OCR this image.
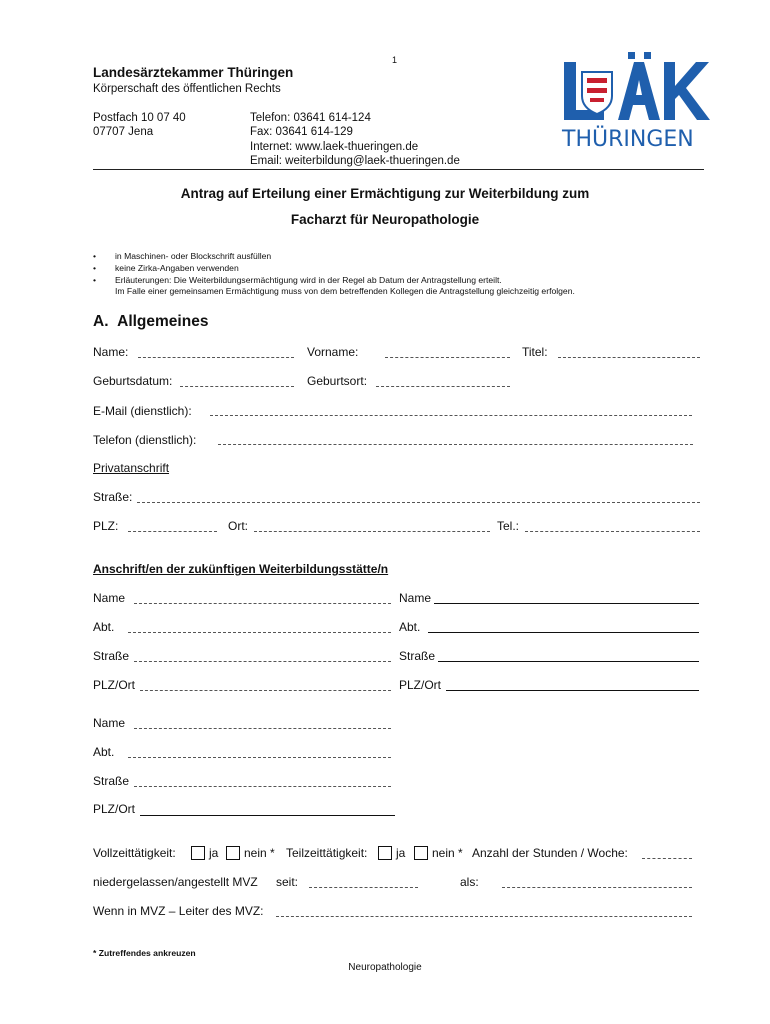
1
Landesärztekammer Thüringen
Körperschaft des öffentlichen Rechts
Postfach 10 07 40
07707 Jena
Telefon: 03641 614-124
Fax: 03641 614-129
Internet: www.laek-thueringen.de
Email: weiterbildung@laek-thueringen.de
THÜRINGEN
Antrag auf Erteilung einer Ermächtigung zur Weiterbildung zum
Facharzt für Neuropathologie
•	in Maschinen- oder Blockschrift ausfüllen
•	keine Zirka-Angaben verwenden
•	Erläuterungen: Die Weiterbildungsermächtigung wird in der Regel ab Datum der Antragstellung erteilt.
Im Falle einer gemeinsamen Ermächtigung muss von dem betreffenden Kollegen die Antragstellung gleichzeitig erfolgen.
A. Allgemeines
Name:	Vorname:	Titel:
Geburtsdatum:	Geburtsort:
E-Mail (dienstlich):
Telefon (dienstlich):
Privatanschrift
Straße:
PLZ:	Ort:	Tel.:
Anschrift/en der zukünftigen Weiterbildungsstätte/n
Name	Name
Abt.	Abt.
Straße	Straße
PLZ/Ort	PLZ/Ort
Name
Abt.
Straße
PLZ/Ort
Vollzeittätigkeit:	ja nein * Teilzeittätigkeit: ja nein * Anzahl der Stunden / Woche:
niedergelassen/angestellt MVZ seit:	als:
Wenn in MVZ – Leiter des MVZ:
* Zutreffendes ankreuzen
Neuropathologie
